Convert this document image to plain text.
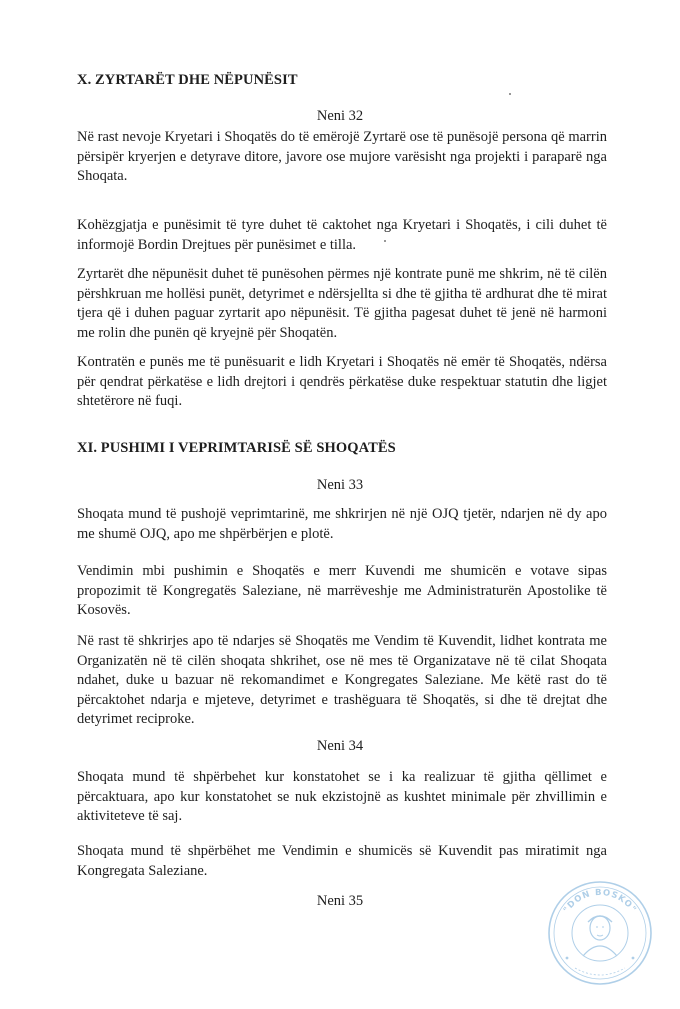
X. ZYRTARËT DHE NËPUNËSIT
Neni 32

Në rast nevoje Kryetari i Shoqatës do të emërojë Zyrtarë ose të punësojë persona që marrin përsipër kryerjen e detyrave ditore, javore ose mujore varësisht nga projekti i paraparë nga Shoqata.

Kohëzgjatja e punësimit të tyre duhet të caktohet nga Kryetari i Shoqatës, i cili duhet të informojë Bordin Drejtues për punësimet e tilla.

Zyrtarët dhe nëpunësit duhet të punësohen përmes një kontrate punë me shkrim, në të cilën përshkruan me hollësi punët, detyrimet e ndërsjellta si dhe të gjitha të ardhurat dhe të mirat tjera që i duhen paguar zyrtarit apo nëpunësit. Të gjitha pagesat duhet të jenë në harmoni me rolin dhe punën që kryejnë për Shoqatën.

Kontratën e punës me të punësuarit e lidh Kryetari i Shoqatës në emër të Shoqatës, ndërsa për qendrat përkatëse e lidh drejtori i qendrës përkatëse duke respektuar statutin dhe ligjet shtetërore në fuqi.

XI. PUSHIMI I VEPRIMTARISË SË SHOQATËS
Neni 33

Shoqata mund të pushojë veprimtarinë, me shkrirjen në një OJQ tjetër, ndarjen në dy apo me shumë OJQ, apo me shpërbërjen e plotë.

Vendimin mbi pushimin e Shoqatës e merr Kuvendi me shumicën e votave sipas propozimit të Kongregatës Saleziane, në marrëveshje me Administraturën Apostolike të Kosovës.

Në rast të shkrirjes apo të ndarjes së Shoqatës me Vendim të Kuvendit, lidhet kontrata me Organizatën në të cilën shoqata shkrihet, ose në mes të Organizatave në të cilat Shoqata ndahet, duke u bazuar në rekomandimet e Kongregates Saleziane. Me këtë rast do të përcaktohet ndarja e mjeteve, detyrimet e trashëguara të Shoqatës, si dhe të drejtat dhe detyrimet reciproke.

Neni 34

Shoqata mund të shpërbehet kur konstatohet se i ka realizuar të gjitha qëllimet e përcaktuara, apo kur konstatohet se nuk ekzistojnë as kushtet minimale për zhvillimin e aktiviteteve të saj.

Shoqata mund të shpërbëhet me Vendimin e shumicës së Kuvendit pas miratimit nga Kongregata Saleziane.

Neni 35
"DON BOSKO"
